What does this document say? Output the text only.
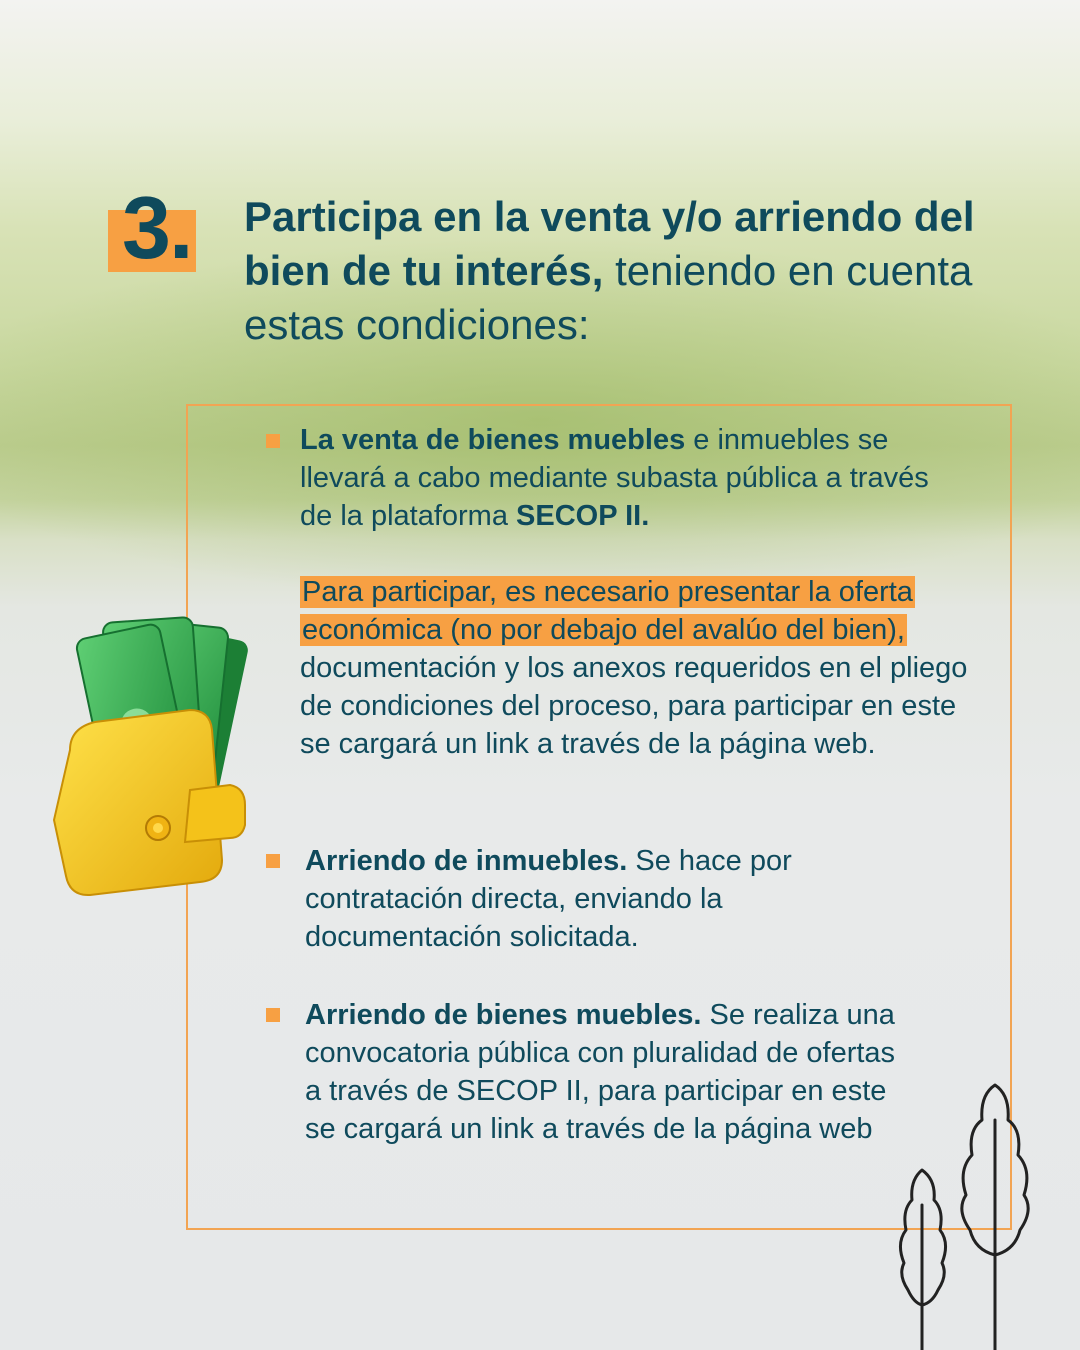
3. Participa en la venta y/o arriendo del bien de tu interés, teniendo en cuenta estas condiciones:
La venta de bienes muebles e inmuebles se llevará a cabo mediante subasta pública a través de la plataforma SECOP II.
Para participar, es necesario presentar la oferta económica (no por debajo del avalúo del bien), documentación y los anexos requeridos en el pliego de condiciones del proceso, para participar en este se cargará un link a través de la página web.
Arriendo de inmuebles. Se hace por contratación directa, enviando la documentación solicitada.
Arriendo de bienes muebles. Se realiza una convocatoria pública con pluralidad de ofertas a través de SECOP II, para participar en este se cargará un link a través de la página web
